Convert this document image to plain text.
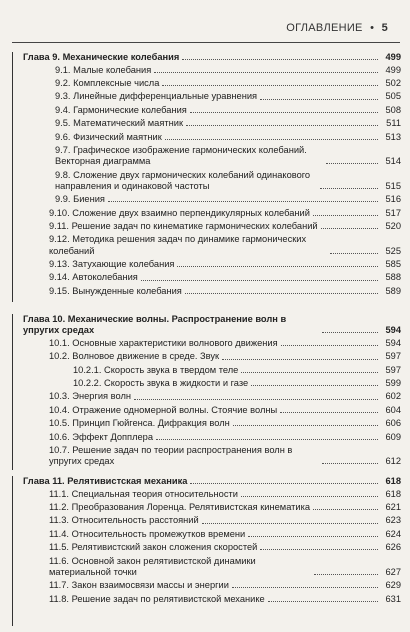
ОГЛАВЛЕНИЕ • 5
Глава 9. Механические колебания	499
9.1. Малые колебания	499
9.2. Комплексные числа	502
9.3. Линейные дифференциальные уравнения	505
9.4. Гармонические колебания	508
9.5. Математический маятник	511
9.6. Физический маятник	513
9.7. Графическое изображение гармонических колебаний. Векторная диаграмма	514
9.8. Сложение двух гармонических колебаний одинакового направления и одинаковой частоты	515
9.9. Биения	516
9.10. Сложение двух взаимно перпендикулярных колебаний	517
9.11. Решение задач по кинематике гармонических колебаний	520
9.12. Методика решения задач по динамике гармонических колебаний	525
9.13. Затухающие колебания	585
9.14. Автоколебания	588
9.15. Вынужденные колебания	589
Глава 10. Механические волны. Распространение волн в упругих средах	594
10.1. Основные характеристики волнового движения	594
10.2. Волновое движение в среде. Звук	597
10.2.1. Скорость звука в твердом теле	597
10.2.2. Скорость звука в жидкости и газе	599
10.3. Энергия волн	602
10.4. Отражение одномерной волны. Стоячие волны	604
10.5. Принцип Гюйгенса. Дифракция волн	606
10.6. Эффект Допплера	609
10.7. Решение задач по теории распространения волн в упругих средах	612
Глава 11. Релятивистская механика	618
11.1. Специальная теория относительности	618
11.2. Преобразования Лоренца. Релятивистская кинематика	621
11.3. Относительность расстояний	623
11.4. Относительность промежутков времени	624
11.5. Релятивистский закон сложения скоростей	626
11.6. Основной закон релятивистской динамики материальной точки	627
11.7. Закон взаимосвязи массы и энергии	629
11.8. Решение задач по релятивистской механике	631
